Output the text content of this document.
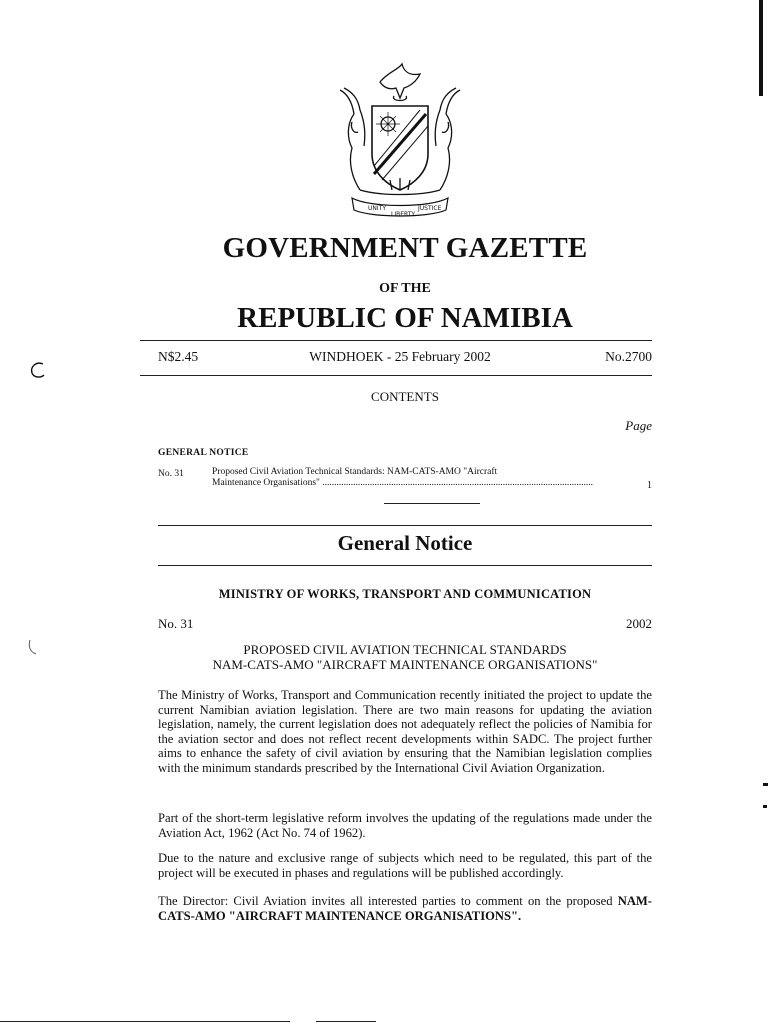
UNITY
LIBERTY
JUSTICE
GOVERNMENT GAZETTE
OF THE
REPUBLIC OF NAMIBIA
N$2.45	WINDHOEK - 25 February 2002	No.2700
CONTENTS
Page
GENERAL NOTICE
No. 31	Proposed Civil Aviation Technical Standards: NAM-CATS-AMO "Aircraft
Maintenance Organisations" ..................................................................................................................	1
General Notice
MINISTRY OF WORKS, TRANSPORT AND COMMUNICATION
No. 31	2002
PROPOSED CIVIL AVIATION TECHNICAL STANDARDS
NAM-CATS-AMO "AIRCRAFT MAINTENANCE ORGANISATIONS"
The Ministry of Works, Transport and Communication recently initiated the project to update the current Namibian aviation legislation. There are two main reasons for updating the aviation legislation, namely, the current legislation does not adequately reflect the policies of Namibia for the aviation sector and does not reflect recent developments within SADC. The project further aims to enhance the safety of civil aviation by ensuring that the Namibian legislation complies with the minimum standards prescribed by the International Civil Aviation Organization.
Part of the short-term legislative reform involves the updating of the regulations made under the Aviation Act, 1962 (Act No. 74 of 1962).
Due to the nature and exclusive range of subjects which need to be regulated, this part of the project will be executed in phases and regulations will be published accordingly.
The Director: Civil Aviation invites all interested parties to comment on the proposed NAM-CATS-AMO "AIRCRAFT MAINTENANCE ORGANISATIONS".
